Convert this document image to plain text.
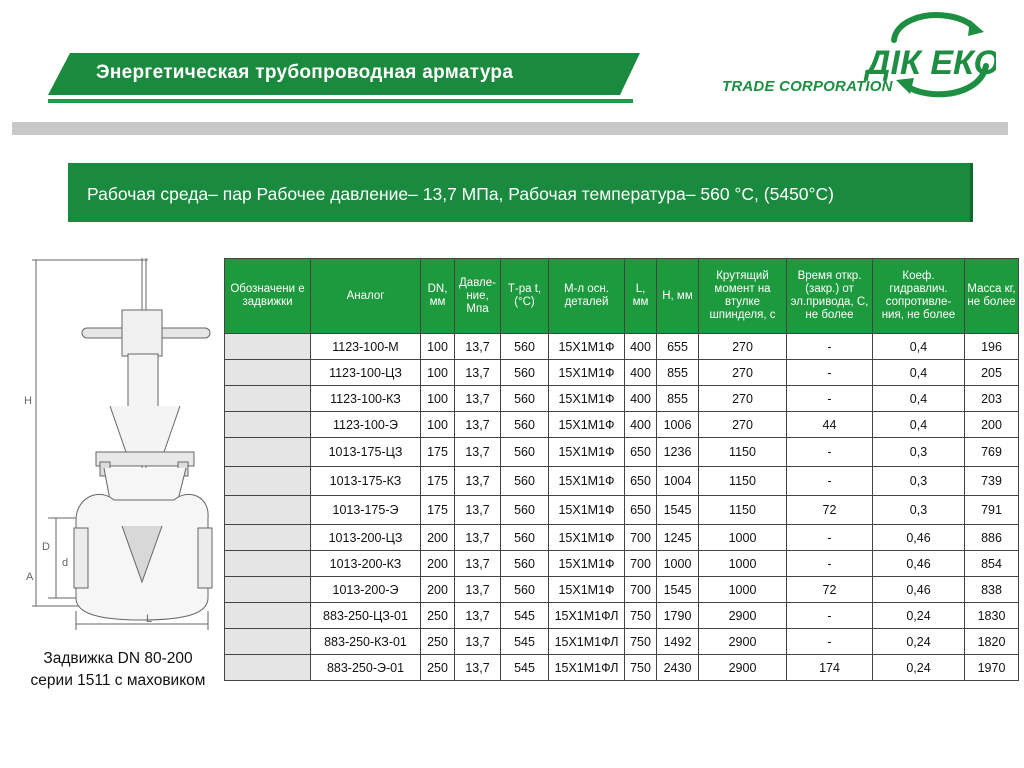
Энергетическая трубопроводная арматура	ДІК ЕКО
TRADE CORPORATION
Рабочая среда– пар Рабочее давление– 13,7 МПа, Рабочая температура– 560 °С, (5450°С)
H
D
d
A
L
Задвижка DN 80-200
серии 1511 с маховиком
Обозначени е задвижки	Аналог	DN, мм	Давле-ние, Мпа	Т-ра t, (°С)	М-л осн. деталей	L, мм	Н, мм	Крутящий момент на втулке шпинделя, с	Время откр. (закр.) от эл.привода, С, не более	Коеф. гидравлич. сопротивле-ния, не более	Масса кг, не более
	1123-100-М	100	13,7	560	15Х1М1Ф	400	655	270	-	0,4	196
	1123-100-ЦЗ	100	13,7	560	15Х1М1Ф	400	855	270	-	0,4	205
	1123-100-КЗ	100	13,7	560	15Х1М1Ф	400	855	270	-	0,4	203
	1123-100-Э	100	13,7	560	15Х1М1Ф	400	1006	270	44	0,4	200
	1013-175-ЦЗ	175	13,7	560	15Х1М1Ф	650	1236	1150	-	0,3	769
	1013-175-КЗ	175	13,7	560	15Х1М1Ф	650	1004	1150	-	0,3	739
	1013-175-Э	175	13,7	560	15Х1М1Ф	650	1545	1150	72	0,3	791
	1013-200-ЦЗ	200	13,7	560	15Х1М1Ф	700	1245	1000	-	0,46	886
	1013-200-КЗ	200	13,7	560	15Х1М1Ф	700	1000	1000	-	0,46	854
	1013-200-Э	200	13,7	560	15Х1М1Ф	700	1545	1000	72	0,46	838
	883-250-ЦЗ-01	250	13,7	545	15Х1М1ФЛ	750	1790	2900	-	0,24	1830
	883-250-КЗ-01	250	13,7	545	15Х1М1ФЛ	750	1492	2900	-	0,24	1820
	883-250-Э-01	250	13,7	545	15Х1М1ФЛ	750	2430	2900	174	0,24	1970
